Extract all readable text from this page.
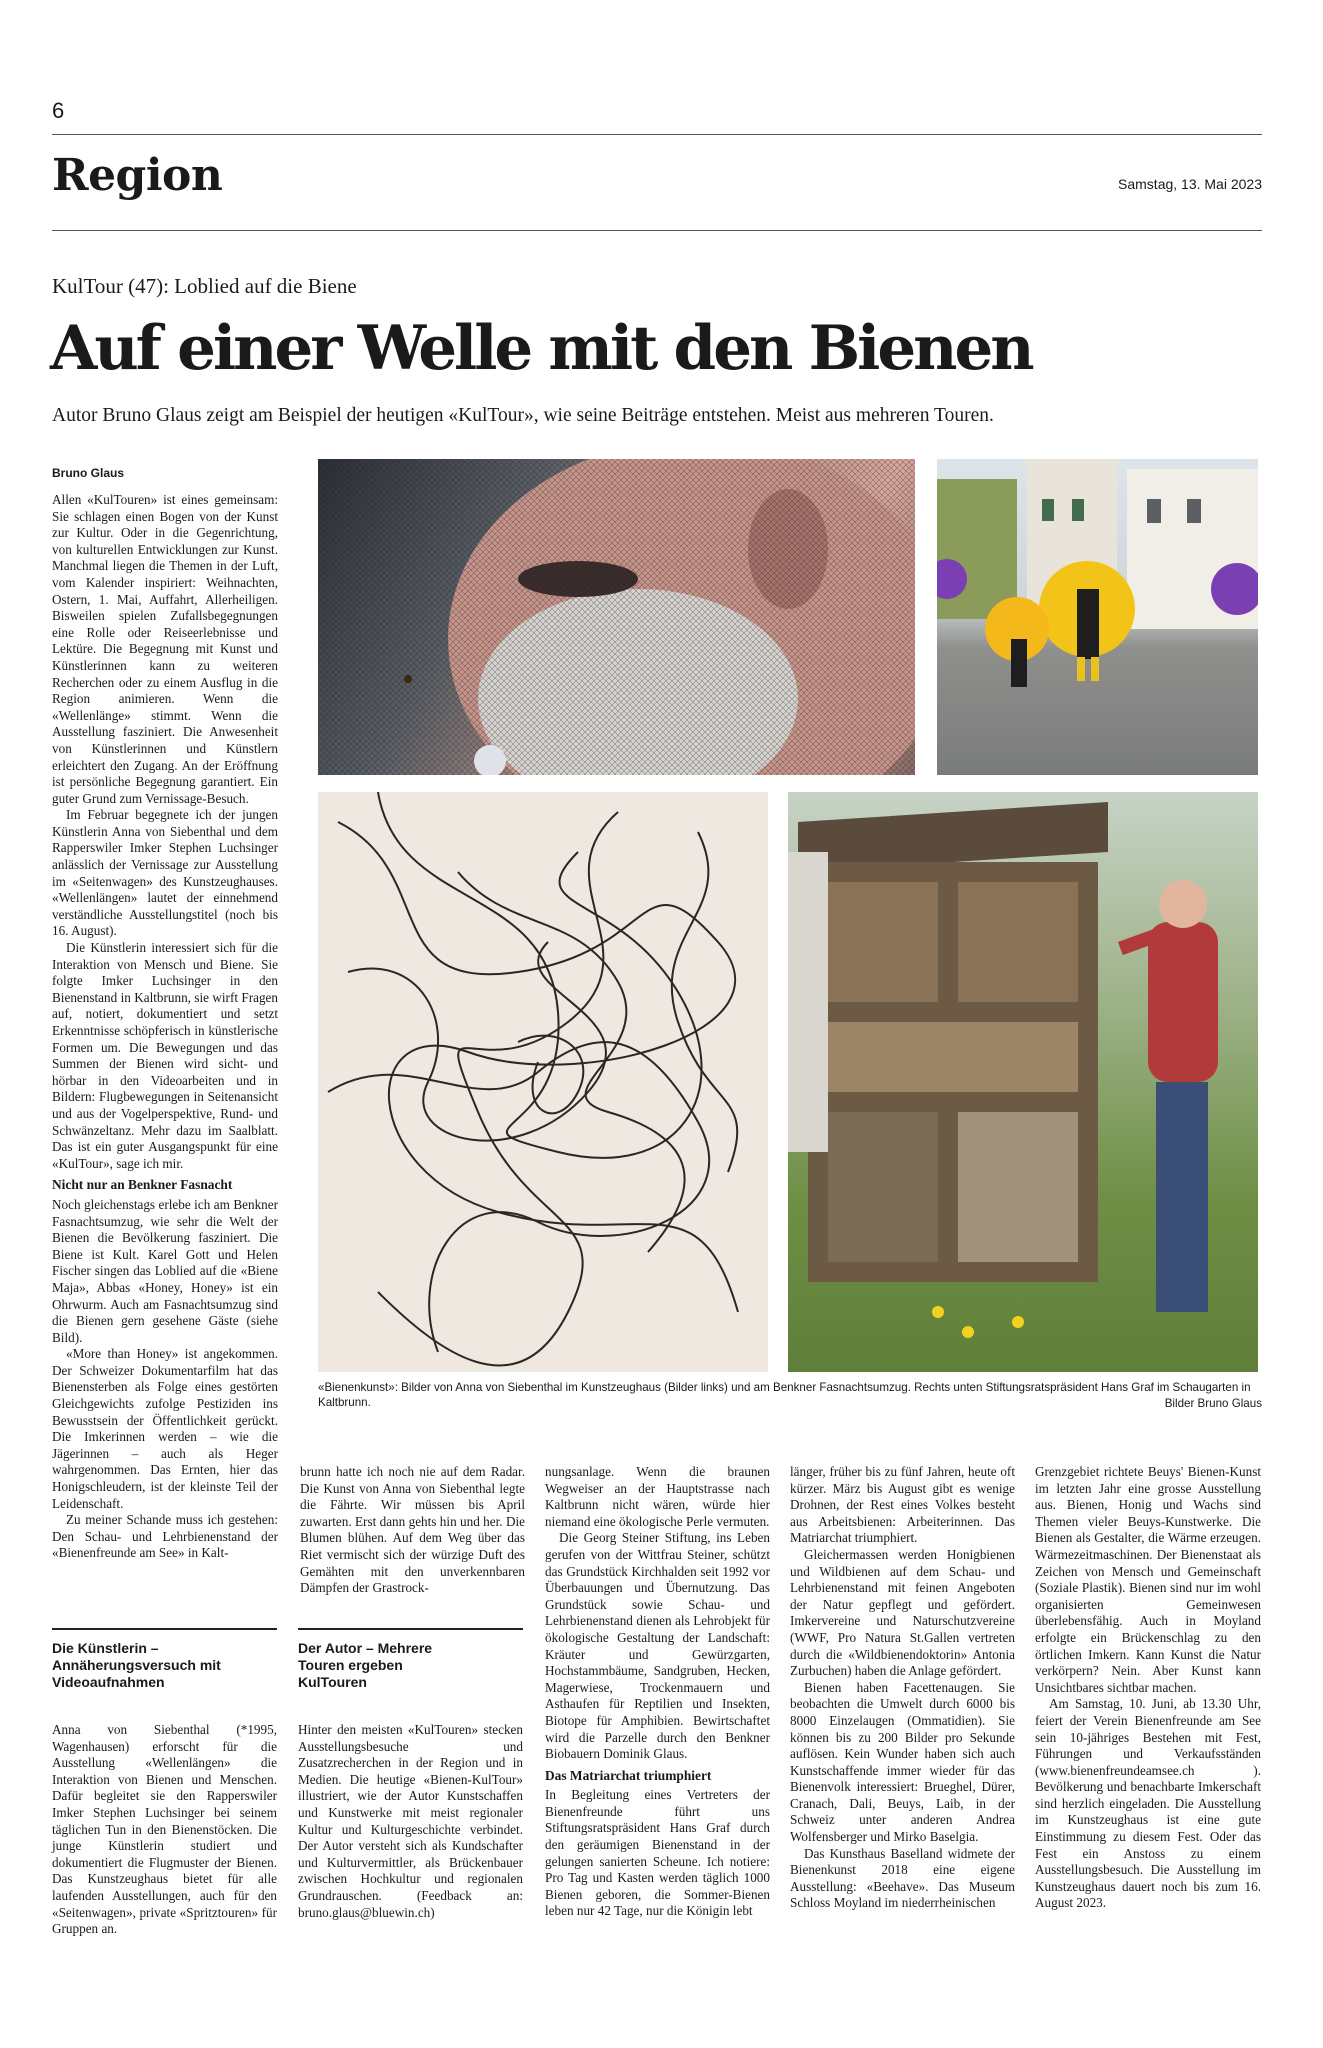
6
Region	Samstag, 13. Mai 2023
KulTour (47): Loblied auf die Biene
Auf einer Welle mit den Bienen
Autor Bruno Glaus zeigt am Beispiel der heutigen «KulTour», wie seine Beiträge entstehen. Meist aus mehreren Touren.
Bruno Glaus

Allen «KulTouren» ist eines gemeinsam: Sie schlagen einen Bogen von der Kunst zur Kultur. Oder in die Gegenrichtung, von kulturellen Entwicklungen zur Kunst. Manchmal liegen die Themen in der Luft, vom Kalender inspiriert: Weihnachten, Ostern, 1. Mai, Auffahrt, Allerheiligen. Bisweilen spielen Zufallsbegegnungen eine Rolle oder Reiseerlebnisse und Lektüre. Die Begegnung mit Kunst und Künstlerinnen kann zu weiteren Recherchen oder zu einem Ausflug in die Region animieren. Wenn die «Wellenlänge» stimmt. Wenn die Ausstellung fasziniert. Die Anwesenheit von Künstlerinnen und Künstlern erleichtert den Zugang. An der Eröffnung ist persönliche Begegnung garantiert. Ein guter Grund zum Vernissage-Besuch.

Im Februar begegnete ich der jungen Künstlerin Anna von Siebenthal und dem Rapperswiler Imker Stephen Luchsinger anlässlich der Vernissage zur Ausstellung im «Seitenwagen» des Kunstzeughauses. «Wellenlängen» lautet der einnehmend verständliche Ausstellungstitel (noch bis 16. August).

Die Künstlerin interessiert sich für die Interaktion von Mensch und Biene. Sie folgte Imker Luchsinger in den Bienenstand in Kaltbrunn, sie wirft Fragen auf, notiert, dokumentiert und setzt Erkenntnisse schöpferisch in künstlerische Formen um. Die Bewegungen und das Summen der Bienen wird sicht- und hörbar in den Videoarbeiten und in Bildern: Flugbewegungen in Seitenansicht und aus der Vogelperspektive, Rund- und Schwänzeltanz. Mehr dazu im Saalblatt. Das ist ein guter Ausgangspunkt für eine «KulTour», sage ich mir.

Nicht nur an Benkner Fasnacht

Noch gleichenstags erlebe ich am Benkner Fasnachtsumzug, wie sehr die Welt der Bienen die Bevölkerung fasziniert. Die Biene ist Kult. Karel Gott und Helen Fischer singen das Loblied auf die «Biene Maja», Abbas «Honey, Honey» ist ein Ohrwurm. Auch am Fasnachtsumzug sind die Bienen gern gesehene Gäste (siehe Bild).

«More than Honey» ist angekommen. Der Schweizer Dokumentarfilm hat das Bienensterben als Folge eines gestörten Gleichgewichts zufolge Pestiziden ins Bewusstsein der Öffentlichkeit gerückt. Die Imkerinnen werden – wie die Jägerinnen – auch als Heger wahrgenommen. Das Ernten, hier das Honigschleudern, ist der kleinste Teil der Leidenschaft.

Zu meiner Schande muss ich gestehen: Den Schau- und Lehrbienenstand der «Bienenfreunde am See» in Kalt-

«Bienenkunst»: Bilder von Anna von Siebenthal im Kunstzeughaus (Bilder links) und am Benkner Fasnachtsumzug. Rechts unten Stiftungsratspräsident Hans Graf im Schaugarten in Kaltbrunn.	Bilder Bruno Glaus

brunn hatte ich noch nie auf dem Radar. Die Kunst von Anna von Siebenthal legte die Fährte. Wir müssen bis April zuwarten. Erst dann gehts hin und her. Die Blumen blühen. Auf dem Weg über das Riet vermischt sich der würzige Duft des Gemähten mit den unverkennbaren Dämpfen der Grastrock-

nungsanlage. Wenn die braunen Wegweiser an der Hauptstrasse nach Kaltbrunn nicht wären, würde hier niemand eine ökologische Perle vermuten.

Die Georg Steiner Stiftung, ins Leben gerufen von der Wittfrau Steiner, schützt das Grundstück Kirchhalden seit 1992 vor Überbauungen und Übernutzung. Das Grundstück sowie Schau- und Lehrbienenstand dienen als Lehrobjekt für ökologische Gestaltung der Landschaft: Kräuter und Gewürzgarten, Hochstammbäume, Sandgruben, Hecken, Magerwiese, Trockenmauern und Asthaufen für Reptilien und Insekten, Biotope für Amphibien. Bewirtschaftet wird die Parzelle durch den Benkner Biobauern Dominik Glaus.

Das Matriarchat triumphiert

In Begleitung eines Vertreters der Bienenfreunde führt uns Stiftungsratspräsident Hans Graf durch den geräumigen Bienenstand in der gelungen sanierten Scheune. Ich notiere: Pro Tag und Kasten werden täglich 1000 Bienen geboren, die Sommer-Bienen leben nur 42 Tage, nur die Königin lebt

länger, früher bis zu fünf Jahren, heute oft kürzer. März bis August gibt es wenige Drohnen, der Rest eines Volkes besteht aus Arbeitsbienen: Arbeiterinnen. Das Matriarchat triumphiert.

Gleichermassen werden Honigbienen und Wildbienen auf dem Schau- und Lehrbienenstand mit feinen Angeboten der Natur gepflegt und gefördert. Imkervereine und Naturschutzvereine (WWF, Pro Natura St.Gallen vertreten durch die «Wildbienendoktorin» Antonia Zurbuchen) haben die Anlage gefördert.

Bienen haben Facettenaugen. Sie beobachten die Umwelt durch 6000 bis 8000 Einzelaugen (Ommatidien). Sie können bis zu 200 Bilder pro Sekunde auflösen. Kein Wunder haben sich auch Kunstschaffende immer wieder für das Bienenvolk interessiert: Brueghel, Dürer, Cranach, Dali, Beuys, Laib, in der Schweiz unter anderen Andrea Wolfensberger und Mirko Baselgia.

Das Kunsthaus Baselland widmete der Bienenkunst 2018 eine eigene Ausstellung: «Beehave». Das Museum Schloss Moyland im niederrheinischen

Grenzgebiet richtete Beuys' Bienen-Kunst im letzten Jahr eine grosse Ausstellung aus. Bienen, Honig und Wachs sind Themen vieler Beuys-Kunstwerke. Die Bienen als Gestalter, die Wärme erzeugen. Wärmezeitmaschinen. Der Bienenstaat als Zeichen von Mensch und Gemeinschaft (Soziale Plastik). Bienen sind nur im wohl organisierten Gemeinwesen überlebensfähig. Auch in Moyland erfolgte ein Brückenschlag zu den örtlichen Imkern. Kann Kunst die Natur verkörpern? Nein. Aber Kunst kann Unsichtbares sichtbar machen.

Am Samstag, 10. Juni, ab 13.30 Uhr, feiert der Verein Bienenfreunde am See sein 10-jähriges Bestehen mit Fest, Führungen und Verkaufsständen (www.bienenfreundeamsee.ch ). Bevölkerung und benachbarte Imkerschaft sind herzlich eingeladen. Die Ausstellung im Kunstzeughaus ist eine gute Einstimmung zu diesem Fest. Oder das Fest ein Anstoss zu einem Ausstellungsbesuch. Die Ausstellung im Kunstzeughaus dauert noch bis zum 16. August 2023.

Die Künstlerin – Annäherungsversuch mit Videoaufnahmen

Anna von Siebenthal (*1995, Wagenhausen) erforscht für die Ausstellung «Wellenlängen» die Interaktion von Bienen und Menschen. Dafür begleitet sie den Rapperswiler Imker Stephen Luchsinger bei seinem täglichen Tun in den Bienenstöcken. Die junge Künstlerin studiert und dokumentiert die Flugmuster der Bienen. Das Kunstzeughaus bietet für alle laufenden Ausstellungen, auch für den «Seitenwagen», private «Spritztouren» für Gruppen an.

Der Autor – Mehrere Touren ergeben KulTouren

Hinter den meisten «KulTouren» stecken Ausstellungsbesuche und Zusatzrecherchen in der Region und in Medien. Die heutige «Bienen-KulTour» illustriert, wie der Autor Kunstschaffen und Kunstwerke mit meist regionaler Kultur und Kulturgeschichte verbindet. Der Autor versteht sich als Kundschafter und Kulturvermittler, als Brückenbauer zwischen Hochkultur und regionalen Grundrauschen. (Feedback an: bruno.glaus@bluewin.ch)
